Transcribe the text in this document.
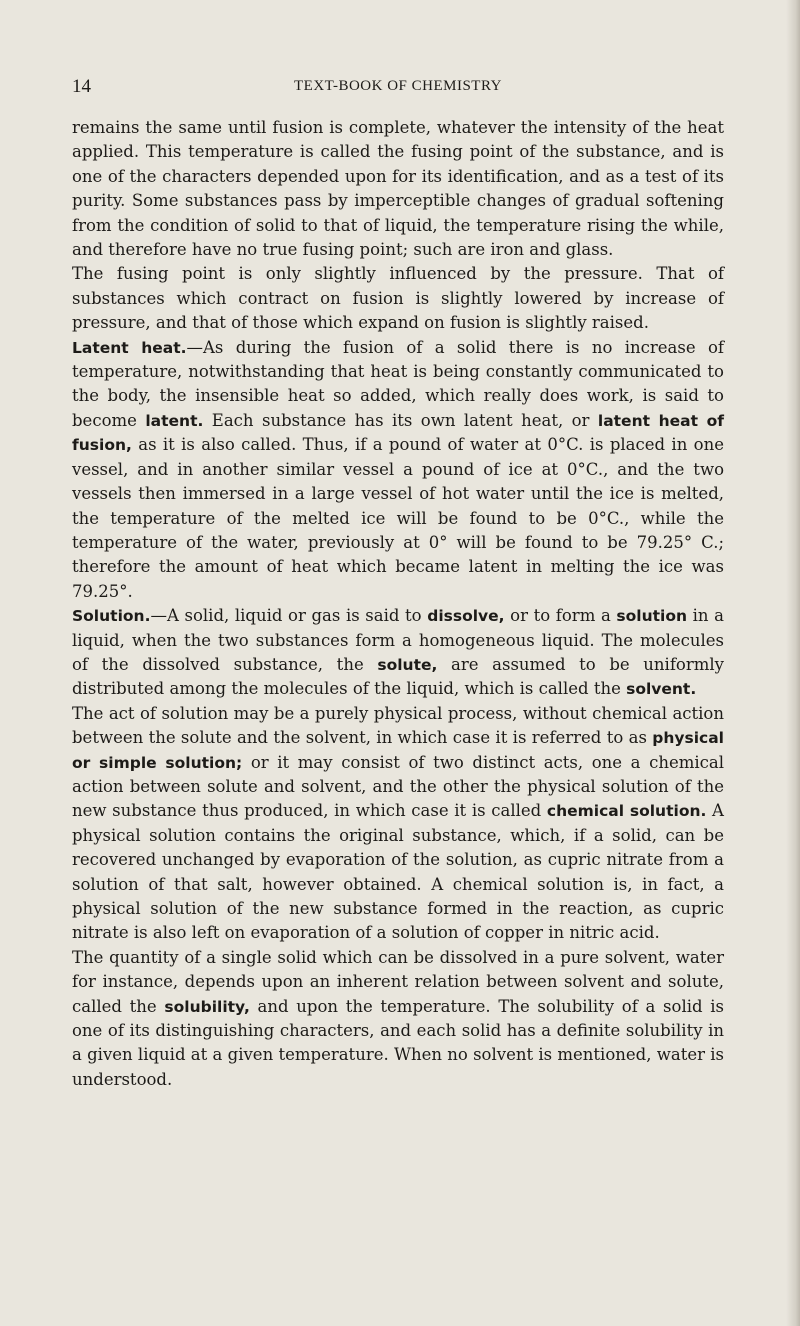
14	TEXT-BOOK OF CHEMISTRY

remains the same until fusion is complete, whatever the intensity of the heat applied. This temperature is called the fusing point of the substance, and is one of the characters depended upon for its identification, and as a test of its purity. Some substances pass by imperceptible changes of gradual softening from the condition of solid to that of liquid, the temperature rising the while, and therefore have no true fusing point; such are iron and glass.

The fusing point is only slightly influenced by the pressure. That of substances which contract on fusion is slightly lowered by increase of pressure, and that of those which expand on fusion is slightly raised.

Latent heat.—As during the fusion of a solid there is no increase of temperature, notwithstanding that heat is being constantly communicated to the body, the insensible heat so added, which really does work, is said to become latent. Each substance has its own latent heat, or latent heat of fusion, as it is also called. Thus, if a pound of water at 0°C. is placed in one vessel, and in another similar vessel a pound of ice at 0°C., and the two vessels then immersed in a large vessel of hot water until the ice is melted, the temperature of the melted ice will be found to be 0°C., while the temperature of the water, previously at 0° will be found to be 79.25° C.; therefore the amount of heat which became latent in melting the ice was 79.25°.

Solution.—A solid, liquid or gas is said to dissolve, or to form a solution in a liquid, when the two substances form a homogeneous liquid. The molecules of the dissolved substance, the solute, are assumed to be uniformly distributed among the molecules of the liquid, which is called the solvent.

The act of solution may be a purely physical process, without chemical action between the solute and the solvent, in which case it is referred to as physical or simple solution; or it may consist of two distinct acts, one a chemical action between solute and solvent, and the other the physical solution of the new substance thus produced, in which case it is called chemical solution. A physical solution contains the original substance, which, if a solid, can be recovered unchanged by evaporation of the solution, as cupric nitrate from a solution of that salt, however obtained. A chemical solution is, in fact, a physical solution of the new substance formed in the reaction, as cupric nitrate is also left on evaporation of a solution of copper in nitric acid.

The quantity of a single solid which can be dissolved in a pure solvent, water for instance, depends upon an inherent relation between solvent and solute, called the solubility, and upon the temperature. The solubility of a solid is one of its distinguishing characters, and each solid has a definite solubility in a given liquid at a given temperature. When no solvent is mentioned, water is understood.
